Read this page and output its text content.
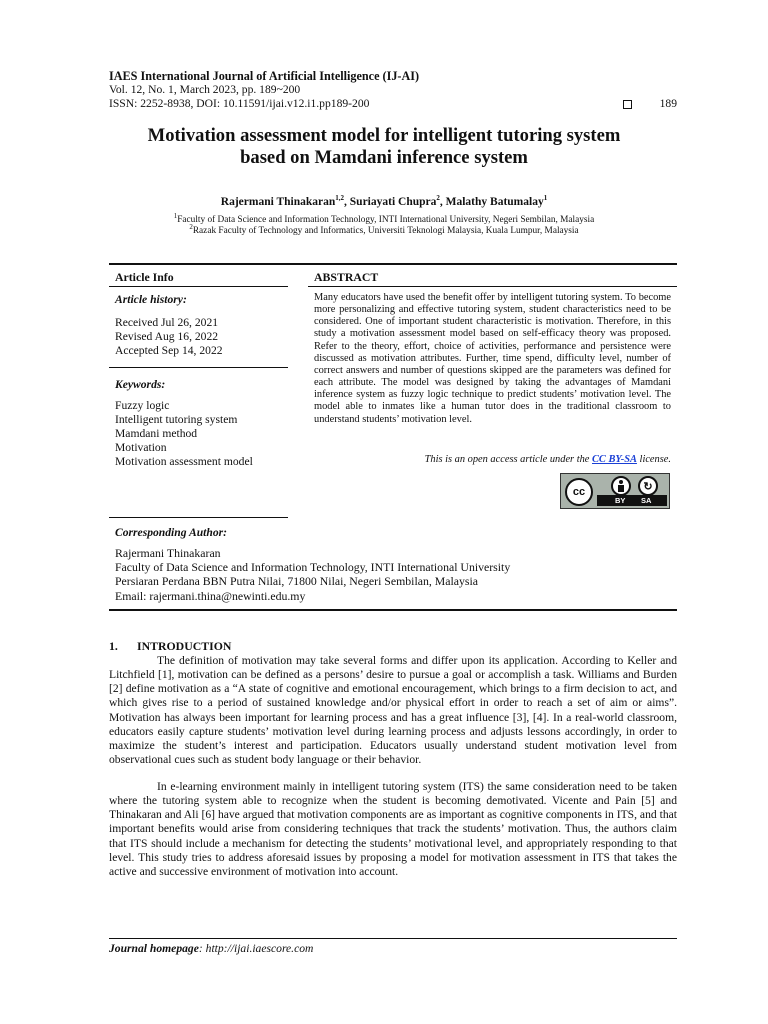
IAES International Journal of Artificial Intelligence (IJ-AI)
Vol. 12, No. 1, March 2023, pp. 189~200
ISSN: 2252-8938, DOI: 10.11591/ijai.v12.i1.pp189-200	189
Motivation assessment model for intelligent tutoring system
based on Mamdani inference system
Rajermani Thinakaran$^{1,2}$, Suriayati Chupra$^2$, Malathy Batumalay$^1$
$^1$Faculty of Data Science and Information Technology, INTI International University, Negeri Sembilan, Malaysia
$^2$Razak Faculty of Technology and Informatics, Universiti Teknologi Malaysia, Kuala Lumpur, Malaysia
Article Info	ABSTRACT
Article history:
Received Jul 26, 2021
Revised Aug 16, 2022
Accepted Sep 14, 2022
Keywords:
Fuzzy logic
Intelligent tutoring system
Mamdani method
Motivation
Motivation assessment model
Many educators have used the benefit offer by intelligent tutoring system. To become more personalizing and effective tutoring system, student characteristics need to be considered. One of important student characteristic is motivation. Therefore, in this study a motivation assessment model based on self-efficacy theory was proposed. Refer to the theory, effort, choice of activities, performance and persistence were discussed as motivation attributes. Further, time spend, difficulty level, number of correct answers and number of questions skipped are the parameters was defined for each attribute. The model was designed by taking the advantages of Mamdani inference system as fuzzy logic technique to predict students’ motivation level. The model able to inmates like a human tutor does in the traditional classroom to understand students’ motivation level.
This is an open access article under the CC BY-SA license.
cc	↻
BY SA
Corresponding Author:
Rajermani Thinakaran
Faculty of Data Science and Information Technology, INTI International University
Persiaran Perdana BBN Putra Nilai, 71800 Nilai, Negeri Sembilan, Malaysia
Email: rajermani.thina@newinti.edu.my
1. INTRODUCTION

The definition of motivation may take several forms and differ upon its application. According to Keller and Litchfield [1], motivation can be defined as a persons’ desire to pursue a goal or accomplish a task. Williams and Burden [2] define motivation as a “A state of cognitive and emotional encouragement, which brings to a firm decision to act, and which gives rise to a period of sustained knowledge and/or physical effort in order to reach a set of aim or aims”. Motivation has always been important for learning process and has a great influence [3], [4]. In a real-world classroom, educators easily capture students’ motivation level during learning process and adjusts lessons accordingly, in order to maximize the student’s interest and participation. Educators usually understand student motivation level from observational cues such as student body language or their behavior.

In e-learning environment mainly in intelligent tutoring system (ITS) the same consideration need to be taken where the tutoring system able to recognize when the student is becoming demotivated. Vicente and Pain [5] and Thinakaran and Ali [6] have argued that motivation components are as important as cognitive components in ITS, and that important benefits would arise from considering techniques that track the students’ motivation. Thus, the authors claim that ITS should include a mechanism for detecting the students’ motivational level, and appropriately responding to that level. This study tries to address aforesaid issues by proposing a model for motivation assessment in ITS that takes the active and successive environment of motivation into account.

Journal homepage: http://ijai.iaescore.com
